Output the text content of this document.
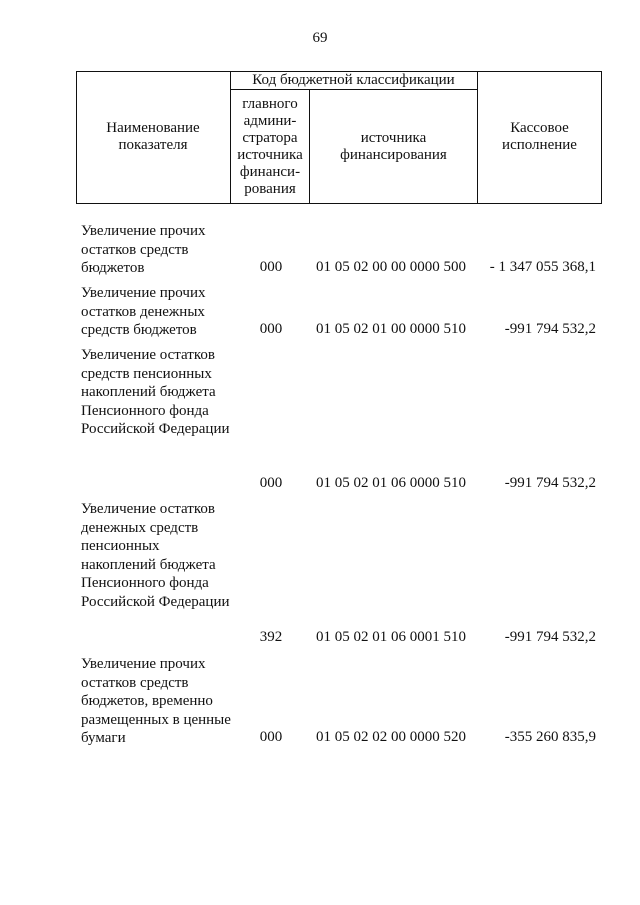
69
Наименование показателя
Код бюджетной классификации
главного админи-стратора источника финанси-рования
источника финансирования
Кассовое исполнение
Увеличение прочих остатков средств бюджетов	000	01 05 02 00 00 0000 500	- 1 347 055 368,1
Увеличение прочих остатков денежных средств бюджетов	000	01 05 02 01 00 0000 510	-991 794 532,2
Увеличение остатков средств пенсионных накоплений бюджета Пенсионного фонда Российской Федерации
000	01 05 02 01 06 0000 510	-991 794 532,2
Увеличение остатков денежных средств пенсионных накоплений бюджета Пенсионного фонда Российской Федерации
392	01 05 02 01 06 0001 510	-991 794 532,2
Увеличение прочих остатков средств бюджетов, временно размещенных в ценные бумаги	000	01 05 02 02 00 0000 520	-355 260 835,9
